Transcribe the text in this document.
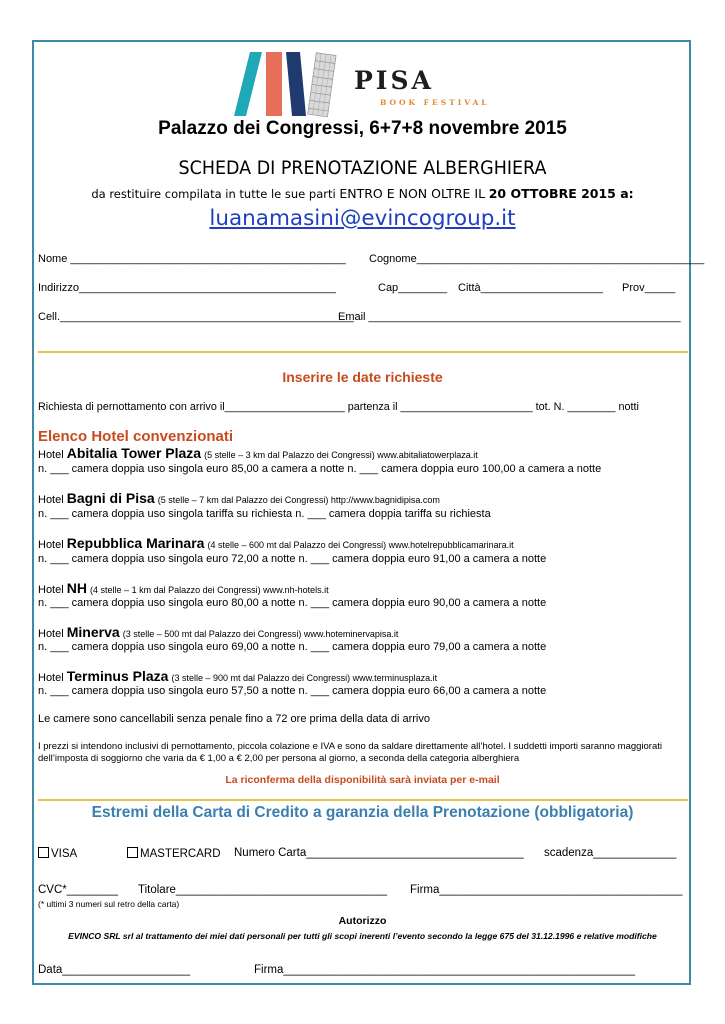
PISA
BOOK FESTIVAL
Palazzo dei Congressi, 6+7+8 novembre 2015
SCHEDA DI PRENOTAZIONE ALBERGHIERA
da restituire compilata in tutte le sue parti ENTRO E NON OLTRE IL 20 OTTOBRE 2015 a:
luanamasini@evincogroup.it
Nome _____________________________________________ Cognome_______________________________________________
Indirizzo__________________________________________	Cap________ Città____________________ Prov_____
Cell.________________________________________________
Email ___________________________________________________
Inserire le date richieste
Richiesta di pernottamento con arrivo il____________________ partenza il ______________________ tot. N. ________ notti
Elenco Hotel convenzionati
Hotel Abitalia Tower Plaza (5 stelle – 3 km dal Palazzo dei Congressi) www.abitaliatowerplaza.it
n. ___ camera doppia uso singola euro 85,00 a camera a notte n. ___ camera doppia euro 100,00 a camera a notte
Hotel Bagni di Pisa (5 stelle – 7 km dal Palazzo dei Congressi) http://www.bagnidipisa.com
n. ___ camera doppia uso singola tariffa su richiesta n. ___ camera doppia tariffa su richiesta
Hotel Repubblica Marinara (4 stelle – 600 mt dal Palazzo dei Congressi) www.hotelrepubblicamarinara.it
n. ___ camera doppia uso singola euro 72,00 a notte n. ___ camera doppia euro 91,00 a camera a notte
Hotel NH (4 stelle – 1 km dal Palazzo dei Congressi) www.nh-hotels.it
n. ___ camera doppia uso singola euro 80,00 a notte n. ___ camera doppia euro 90,00 a camera a notte
Hotel Minerva (3 stelle – 500 mt dal Palazzo dei Congressi) www.hoteminervapisa.it
n. ___ camera doppia uso singola euro 69,00 a notte n. ___ camera doppia euro 79,00 a camera a notte
Hotel Terminus Plaza (3 stelle – 900 mt dal Palazzo dei Congressi) www.terminusplaza.it
n. ___ camera doppia uso singola euro 57,50 a notte n. ___ camera doppia euro 66,00 a camera a notte
Le camere sono cancellabili senza penale fino a 72 ore prima della data di arrivo
I prezzi si intendono inclusivi di pernottamento, piccola colazione e IVA e sono da saldare direttamente all’hotel. I suddetti importi saranno maggiorati
dell’imposta di soggiorno che varia da € 1,00 a € 2,00 per persona al giorno, a seconda della categoria alberghiera
La riconferma della disponibilità sarà inviata per e-mail
Estremi della Carta di Credito a garanzia della Prenotazione (obbligatoria)
VISA	MASTERCARD Numero Carta__________________________________ scadenza_____________
CVC*________ Titolare_________________________________ Firma______________________________________
(* ultimi 3 numeri sul retro della carta)
Autorizzo
EVINCO SRL srl al trattamento dei miei dati personali per tutti gli scopi inerenti l’evento secondo la legge 675 del 31.12.1996 e relative modifiche
Data____________________	Firma_______________________________________________________
